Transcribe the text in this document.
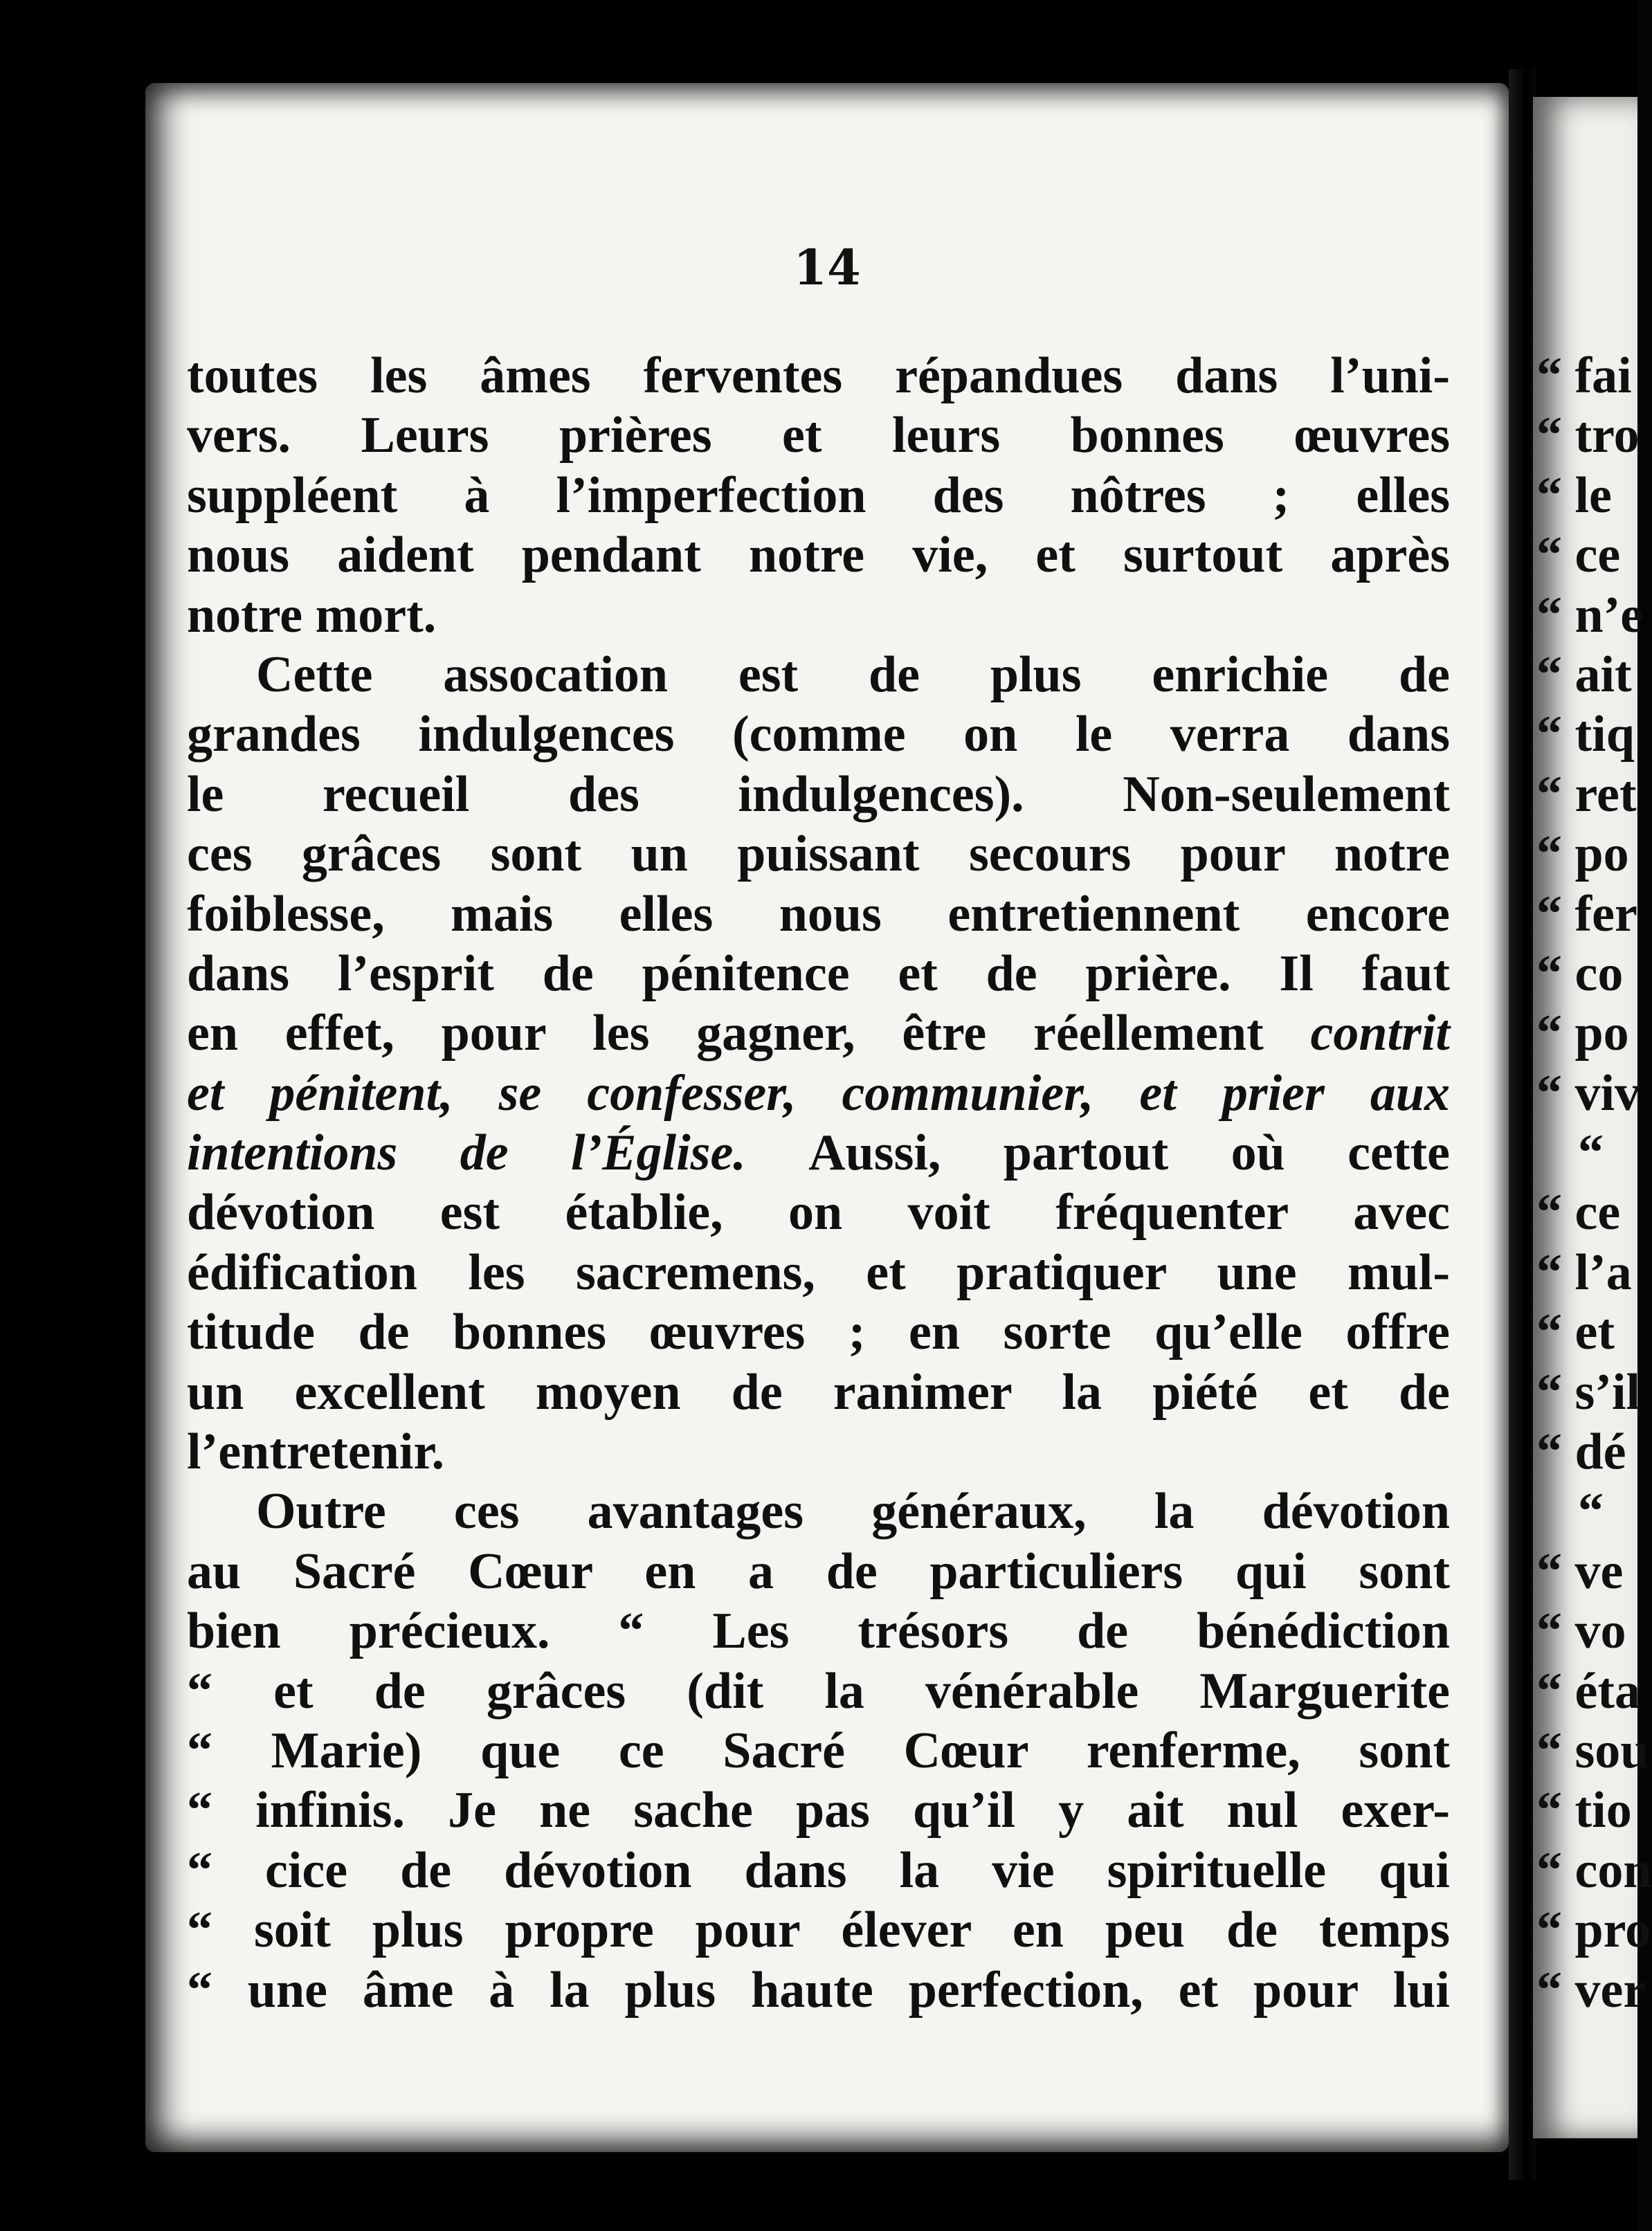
14
toutes les âmes ferventes répandues dans l’uni-
vers. Leurs prières et leurs bonnes œuvres
suppléent à l’imperfection des nôtres ; elles
nous aident pendant notre vie, et surtout après
notre mort.
Cette assocation est de plus enrichie de
grandes indulgences (comme on le verra dans
le recueil des indulgences). Non-seulement
ces grâces sont un puissant secours pour notre
foiblesse, mais elles nous entretiennent encore
dans l’esprit de pénitence et de prière. Il faut
en effet, pour les gagner, être réellement contrit
et pénitent, se confesser, communier, et prier aux
intentions de l’Église. Aussi, partout où cette
dévotion est établie, on voit fréquenter avec
édification les sacremens, et pratiquer une mul-
titude de bonnes œuvres ; en sorte qu’elle offre
un excellent moyen de ranimer la piété et de
l’entretenir.
Outre ces avantages généraux, la dévotion
au Sacré Cœur en a de particuliers qui sont
bien précieux. “ Les trésors de bénédiction
“ et de grâces (dit la vénérable Marguerite
“ Marie) que ce Sacré Cœur renferme, sont
“ infinis. Je ne sache pas qu’il y ait nul exer-
“ cice de dévotion dans la vie spirituelle qui
“ soit plus propre pour élever en peu de temps
“ une âme à la plus haute perfection, et pour lui
“ fai
“ tro
“ le
“ ce
“ n’e
“ ait
“ tiq
“ ret
“ po
“ fer
“ co
“ po
“ viv
“
“ ce
“ l’a
“ et
“ s’il
“ dé
“
“ ve
“ vo
“ éta
“ sou
“ tio
“ con
“ pro
“ ver
